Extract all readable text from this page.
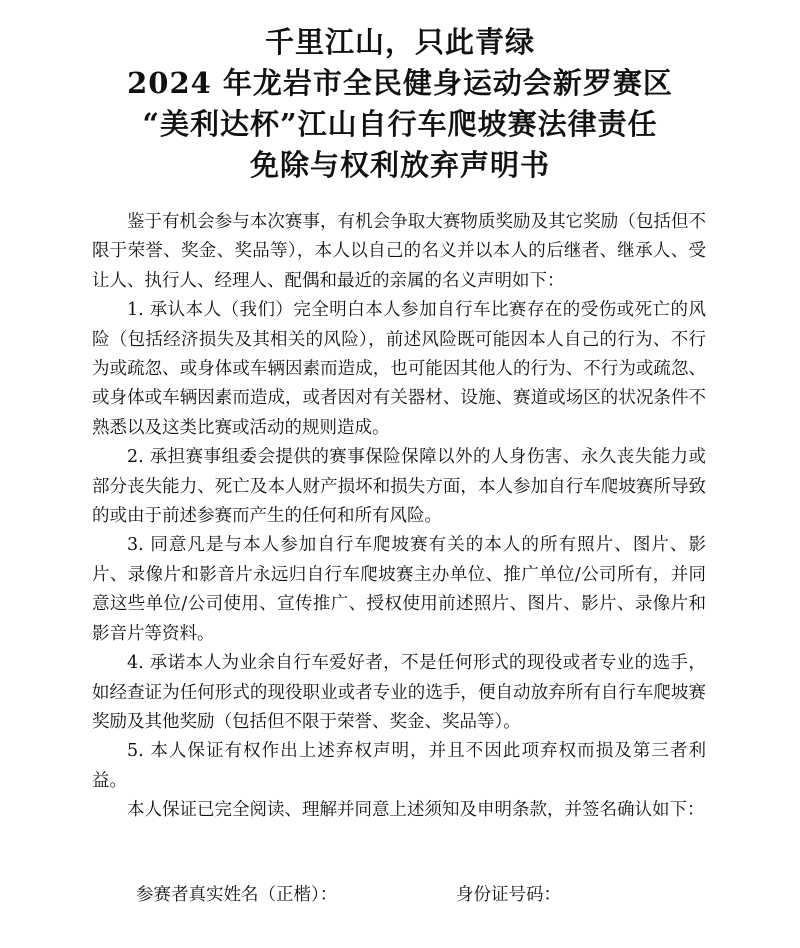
千里江山，只此青绿
2024 年龙岩市全民健身运动会新罗赛区
“美利达杯”江山自行车爬坡赛法律责任
免除与权利放弃声明书

鉴于有机会参与本次赛事，有机会争取大赛物质奖励及其它奖励（包括但不限于荣誉、奖金、奖品等），本人以自己的名义并以本人的后继者、继承人、受让人、执行人、经理人、配偶和最近的亲属的名义声明如下：

1. 承认本人（我们）完全明白本人参加自行车比赛存在的受伤或死亡的风险（包括经济损失及其相关的风险），前述风险既可能因本人自己的行为、不行为或疏忽、或身体或车辆因素而造成，也可能因其他人的行为、不行为或疏忽、或身体或车辆因素而造成，或者因对有关器材、设施、赛道或场区的状况条件不熟悉以及这类比赛或活动的规则造成。

2. 承担赛事组委会提供的赛事保险保障以外的人身伤害、永久丧失能力或部分丧失能力、死亡及本人财产损坏和损失方面，本人参加自行车爬坡赛所导致的或由于前述参赛而产生的任何和所有风险。

3. 同意凡是与本人参加自行车爬坡赛有关的本人的所有照片、图片、影片、录像片和影音片永远归自行车爬坡赛主办单位、推广单位/公司所有，并同意这些单位/公司使用、宣传推广、授权使用前述照片、图片、影片、录像片和影音片等资料。

4. 承诺本人为业余自行车爱好者，不是任何形式的现役或者专业的选手，如经查证为任何形式的现役职业或者专业的选手，便自动放弃所有自行车爬坡赛奖励及其他奖励（包括但不限于荣誉、奖金、奖品等）。

5. 本人保证有权作出上述弃权声明，并且不因此项弃权而损及第三者利益。

本人保证已完全阅读、理解并同意上述须知及申明条款，并签名确认如下：

参赛者真实姓名（正楷）：	身份证号码：
